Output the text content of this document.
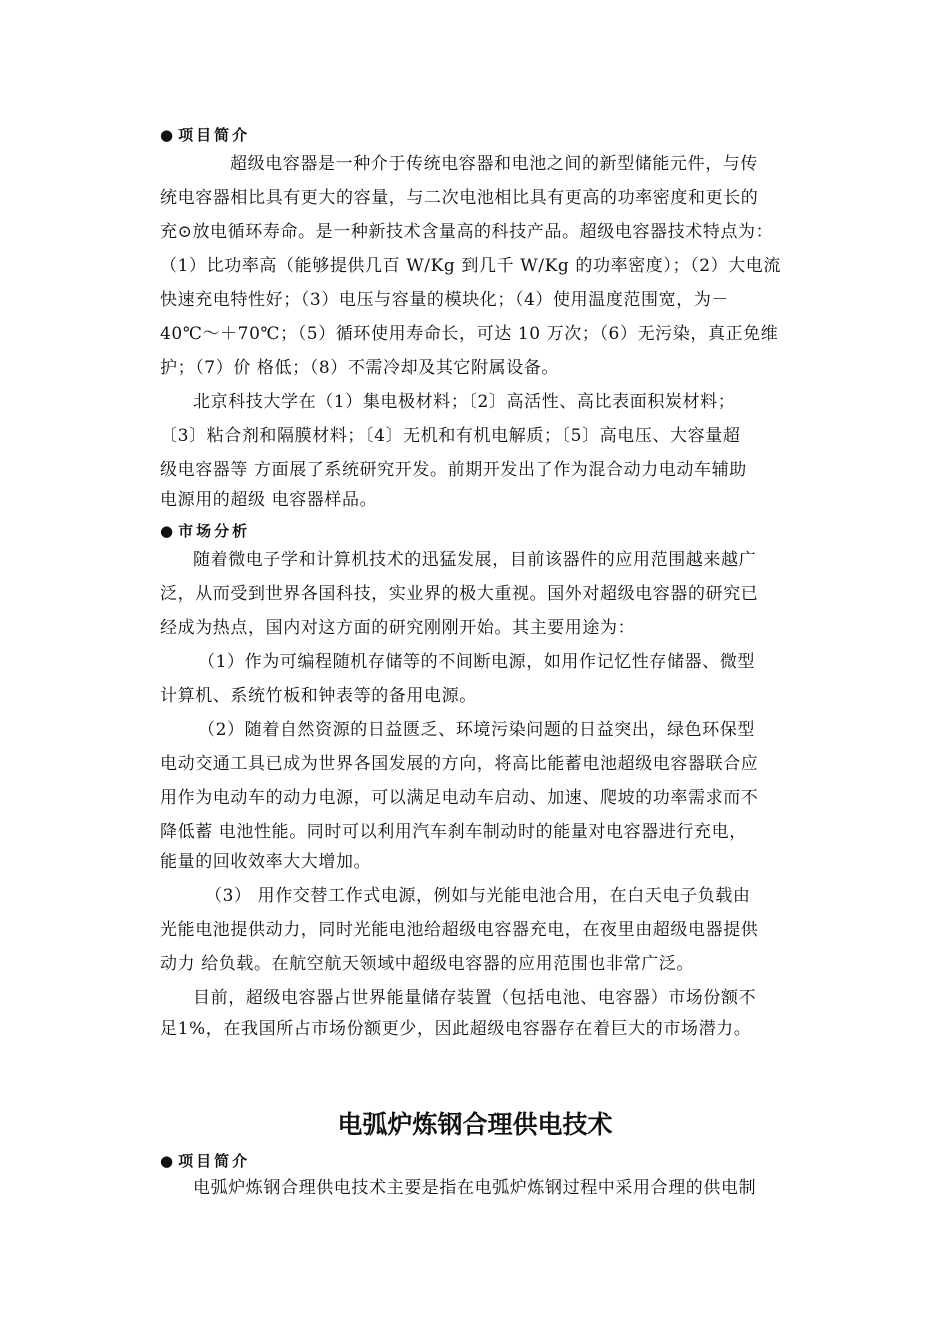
● 项目简介
超级电容器是一种介于传统电容器和电池之间的新型储能元件，与传
统电容器相比具有更大的容量，与二次电池相比具有更高的功率密度和更长的
充⊙放电循环寿命。是一种新技术含量高的科技产品。超级电容器技术特点为：
（1）比功率高（能够提供几百 W/Kg 到几千 W/Kg 的功率密度）；（2）大电流
快速充电特性好；（3）电压与容量的模块化；（4）使用温度范围宽，为－
40℃～＋70℃；（5）循环使用寿命长，可达 10 万次；（6）无污染，真正免维
护；（7）价 格低；（8）不需冷却及其它附属设备。
北京科技大学在（1）集电极材料；〔2〕高活性、高比表面积炭材料；
〔3〕粘合剂和隔膜材料；〔4〕无机和有机电解质；〔5〕高电压、大容量超
级电容器等 方面展了系统研究开发。前期开发出了作为混合动力电动车辅助
电源用的超级 电容器样品。
● 市场分析
随着微电子学和计算机技术的迅猛发展，目前该器件的应用范围越来越广
泛，从而受到世界各国科技，实业界的极大重视。国外对超级电容器的研究已
经成为热点，国内对这方面的研究刚刚开始。其主要用途为：
（1）作为可编程随机存储等的不间断电源，如用作记忆性存储器、微型
计算机、系统竹板和钟表等的备用电源。
（2）随着自然资源的日益匮乏、环境污染问题的日益突出，绿色环保型
电动交通工具已成为世界各国发展的方向，将高比能蓄电池超级电容器联合应
用作为电动车的动力电源，可以满足电动车启动、加速、爬坡的功率需求而不
降低蓄 电池性能。同时可以利用汽车刹车制动时的能量对电容器进行充电，
能量的回收效率大大增加。
（3） 用作交替工作式电源，例如与光能电池合用，在白天电子负载由
光能电池提供动力，同时光能电池给超级电容器充电，在夜里由超级电器提供
动力 给负载。在航空航天领域中超级电容器的应用范围也非常广泛。
目前，超级电容器占世界能量储存装置（包括电池、电容器）市场份额不
足1%，在我国所占市场份额更少，因此超级电容器存在着巨大的市场潜力。
电弧炉炼钢合理供电技术
● 项目简介
电弧炉炼钢合理供电技术主要是指在电弧炉炼钢过程中采用合理的供电制
